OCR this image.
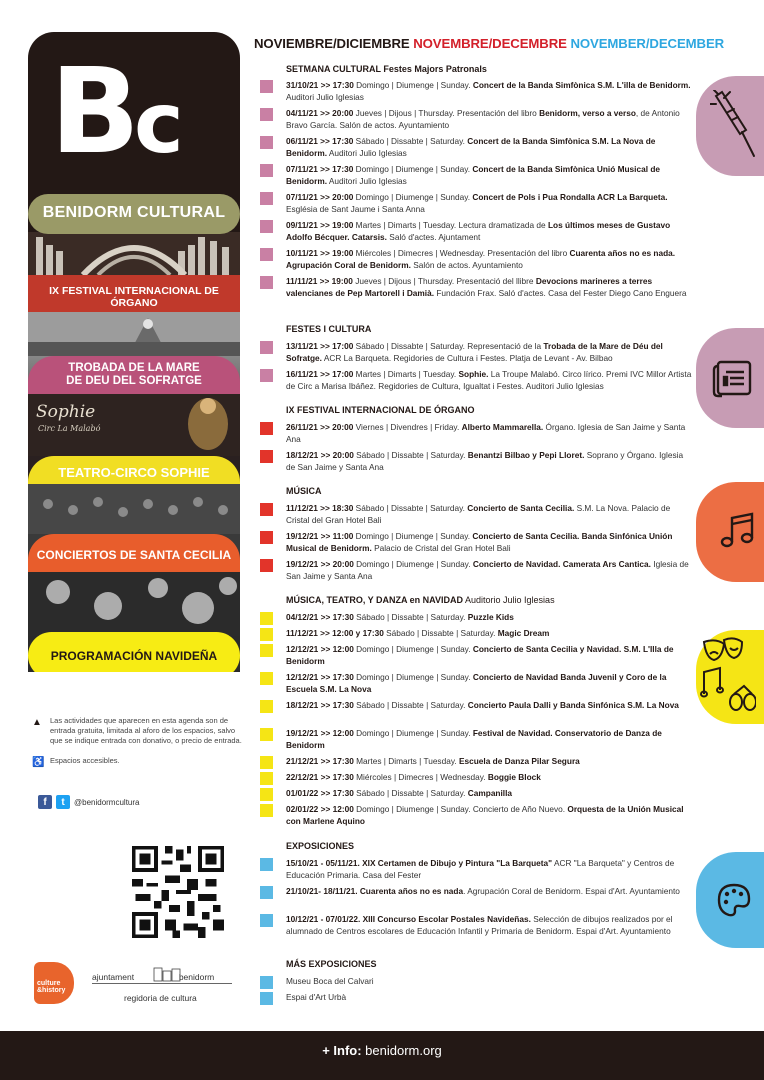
Bc
IX FESTIVAL INTERNACIONAL DE ÓRGANO
BENIDORM CULTURAL
TROBADA DE LA MARE
DE DEU DEL SOFRATGE
Sophie
Circ La Malabó
TEATRO-CIRCO SOPHIE
CONCIERTOS DE SANTA CECILIA
PROGRAMACIÓN NAVIDEÑA
▲ Las actividades que aparecen en esta agenda son de entrada gratuita, limitada al aforo de los espacios, salvo que se indique entrada con donativo, o precio de entrada.
♿ Espacios accesibles.
f	t	@benidormcultura
culture
&history
ajuntament	benidorm
regidoria de cultura
NOVIEMBRE/DICIEMBRE NOVEMBRE/DECEMBRE NOVEMBER/DECEMBER
SETMANA CULTURAL Festes Majors Patronals
31/10/21 >> 17:30 Domingo | Diumenge | Sunday. Concert de la Banda Simfònica S.M. L'illa de Benidorm. Auditori Julio Iglesias
04/11/21 >> 20:00 Jueves | Dijous | Thursday. Presentación del libro Benidorm, verso a verso, de Antonio Bravo García. Salón de actos. Ayuntamiento
06/11/21 >> 17:30 Sábado | Dissabte | Saturday. Concert de la Banda Simfònica S.M. La Nova de Benidorm. Auditori Julio Iglesias
07/11/21 >> 17:30 Domingo | Diumenge | Sunday. Concert de la Banda Simfònica Unió Musical de Benidorm. Auditori Julio Iglesias
07/11/21 >> 20:00 Domingo | Diumenge | Sunday. Concert de Pols i Pua Rondalla ACR La Barqueta. Església de Sant Jaume i Santa Anna
09/11/21 >> 19:00 Martes | Dimarts | Tuesday. Lectura dramatizada de Los últimos meses de Gustavo Adolfo Bécquer. Catarsis. Saló d'actes. Ajuntament
10/11/21 >> 19:00 Miércoles | Dimecres | Wednesday. Presentación del libro Cuarenta años no es nada. Agrupación Coral de Benidorm. Salón de actos. Ayuntamiento
11/11/21 >> 19:00 Jueves | Dijous | Thursday. Presentació del llibre Devocions marineres a terres valencianes de Pep Martorell i Damià. Fundación Frax. Saló d'actes. Casa del Fester Diego Cano Enguera
FESTES I CULTURA
13/11/21 >> 17:00 Sábado | Dissabte | Saturday. Representació de la Trobada de la Mare de Déu del Sofratge. ACR La Barqueta. Regidories de Cultura i Festes. Platja de Levant - Av. Bilbao
16/11/21 >> 17:00 Martes | Dimarts | Tuesday. Sophie. La Troupe Malabó. Circo lírico. Premi IVC Millor Artista de Circ a Marisa Ibáñez. Regidories de Cultura, Igualtat i Festes. Auditori Julio Iglesias
IX FESTIVAL INTERNACIONAL DE ÓRGANO
26/11/21 >> 20:00 Viernes | Divendres | Friday. Alberto Mammarella. Órgano. Iglesia de San Jaime y Santa Ana
18/12/21 >> 20:00 Sábado | Dissabte | Saturday. Benantzi Bilbao y Pepi Lloret. Soprano y Órgano. Iglesia de San Jaime y Santa Ana
MÚSICA
11/12/21 >> 18:30 Sábado | Dissabte | Saturday. Concierto de Santa Cecilia. S.M. La Nova. Palacio de Cristal del Gran Hotel Bali
19/12/21 >> 11:00 Domingo | Diumenge | Sunday. Concierto de Santa Cecilia. Banda Sinfónica Unión Musical de Benidorm. Palacio de Cristal del Gran Hotel Bali
19/12/21 >> 20:00 Domingo | Diumenge | Sunday. Concierto de Navidad. Camerata Ars Cantica. Iglesia de San Jaime y Santa Ana
MÚSICA, TEATRO, Y DANZA en NAVIDAD Auditorio Julio Iglesias
04/12/21 >> 17:30 Sábado | Dissabte | Saturday. Puzzle Kids
11/12/21 >> 12:00 y 17:30 Sábado | Dissabte | Saturday. Magic Dream
12/12/21 >> 12:00 Domingo | Diumenge | Sunday. Concierto de Santa Cecilia y Navidad. S.M. L'Illa de Benidorm
12/12/21 >> 17:30 Domingo | Diumenge | Sunday. Concierto de Navidad Banda Juvenil y Coro de la Escuela S.M. La Nova
18/12/21 >> 17:30 Sábado | Dissabte | Saturday. Concierto Paula Dalli y Banda Sinfónica S.M. La Nova
19/12/21 >> 12:00 Domingo | Diumenge | Sunday. Festival de Navidad. Conservatorio de Danza de Benidorm
21/12/21 >> 17:30 Martes | Dimarts | Tuesday. Escuela de Danza Pilar Segura
22/12/21 >> 17:30 Miércoles | Dimecres | Wednesday. Boggie Block
01/01/22 >> 17:30 Sábado | Dissabte | Saturday. Campanilla
02/01/22 >> 12:00 Domingo | Diumenge | Sunday. Concierto de Año Nuevo. Orquesta de la Unión Musical con Marlene Aquino
EXPOSICIONES
15/10/21 - 05/11/21. XIX Certamen de Dibujo y Pintura "La Barqueta" ACR "La Barqueta" y Centros de Educación Primaria. Casa del Fester
21/10/21- 18/11/21. Cuarenta años no es nada. Agrupación Coral de Benidorm. Espai d'Art. Ayuntamiento
10/12/21 - 07/01/22. XIII Concurso Escolar Postales Navideñas. Selección de dibujos realizados por el alumnado de Centros escolares de Educación Infantil y Primaria de Benidorm. Espai d'Art. Ayuntamiento
MÁS EXPOSICIONES
Museu Boca del Calvari
Espai d'Art Urbà
+ Info: benidorm.org
